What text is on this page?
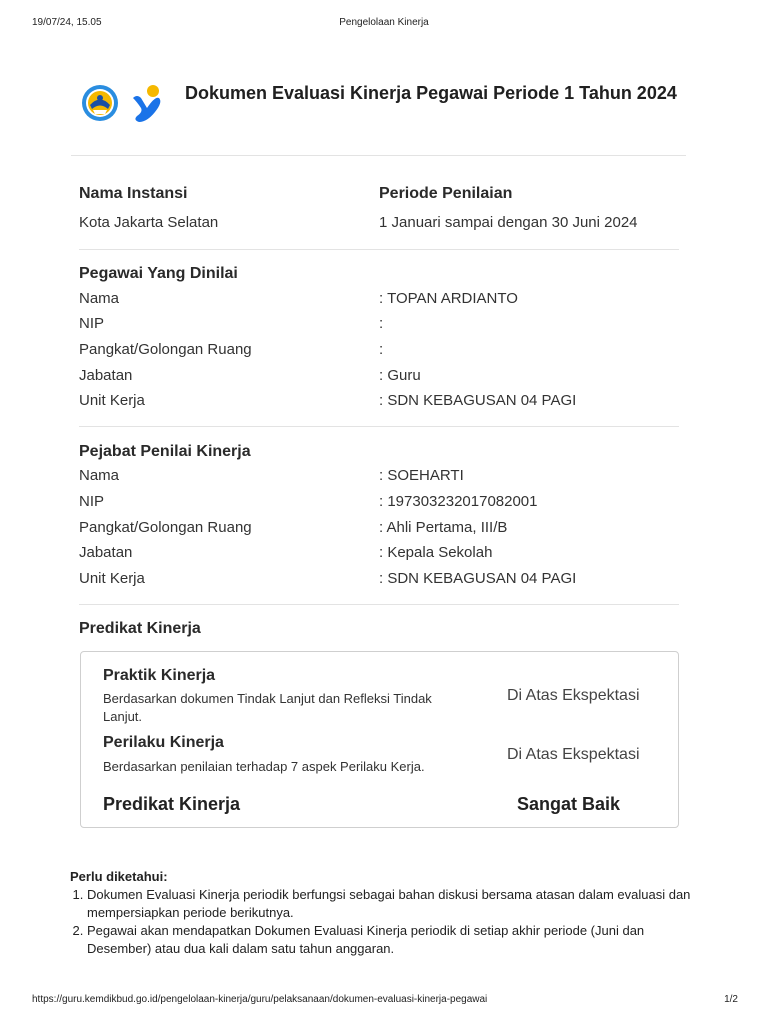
19/07/24, 15.05	Pengelolaan Kinerja
Dokumen Evaluasi Kinerja Pegawai Periode 1 Tahun 2024
Nama Instansi
Kota Jakarta Selatan
Periode Penilaian
1 Januari sampai dengan 30 Juni 2024
Pegawai Yang Dinilai
Nama	: TOPAN ARDIANTO
NIP	:
Pangkat/Golongan Ruang	:
Jabatan	: Guru
Unit Kerja	: SDN KEBAGUSAN 04 PAGI
Pejabat Penilai Kinerja
Nama	: SOEHARTI
NIP	: 197303232017082001
Pangkat/Golongan Ruang	: Ahli Pertama, III/B
Jabatan	: Kepala Sekolah
Unit Kerja	: SDN KEBAGUSAN 04 PAGI
Predikat Kinerja
Praktik Kinerja
Berdasarkan dokumen Tindak Lanjut dan Refleksi Tindak Lanjut.
Di Atas Ekspektasi
Perilaku Kinerja
Berdasarkan penilaian terhadap 7 aspek Perilaku Kerja.
Di Atas Ekspektasi
Predikat Kinerja	Sangat Baik
Perlu diketahui:
1. Dokumen Evaluasi Kinerja periodik berfungsi sebagai bahan diskusi bersama atasan dalam evaluasi dan mempersiapkan periode berikutnya.
2. Pegawai akan mendapatkan Dokumen Evaluasi Kinerja periodik di setiap akhir periode (Juni dan Desember) atau dua kali dalam satu tahun anggaran.
https://guru.kemdikbud.go.id/pengelolaan-kinerja/guru/pelaksanaan/dokumen-evaluasi-kinerja-pegawai	1/2
